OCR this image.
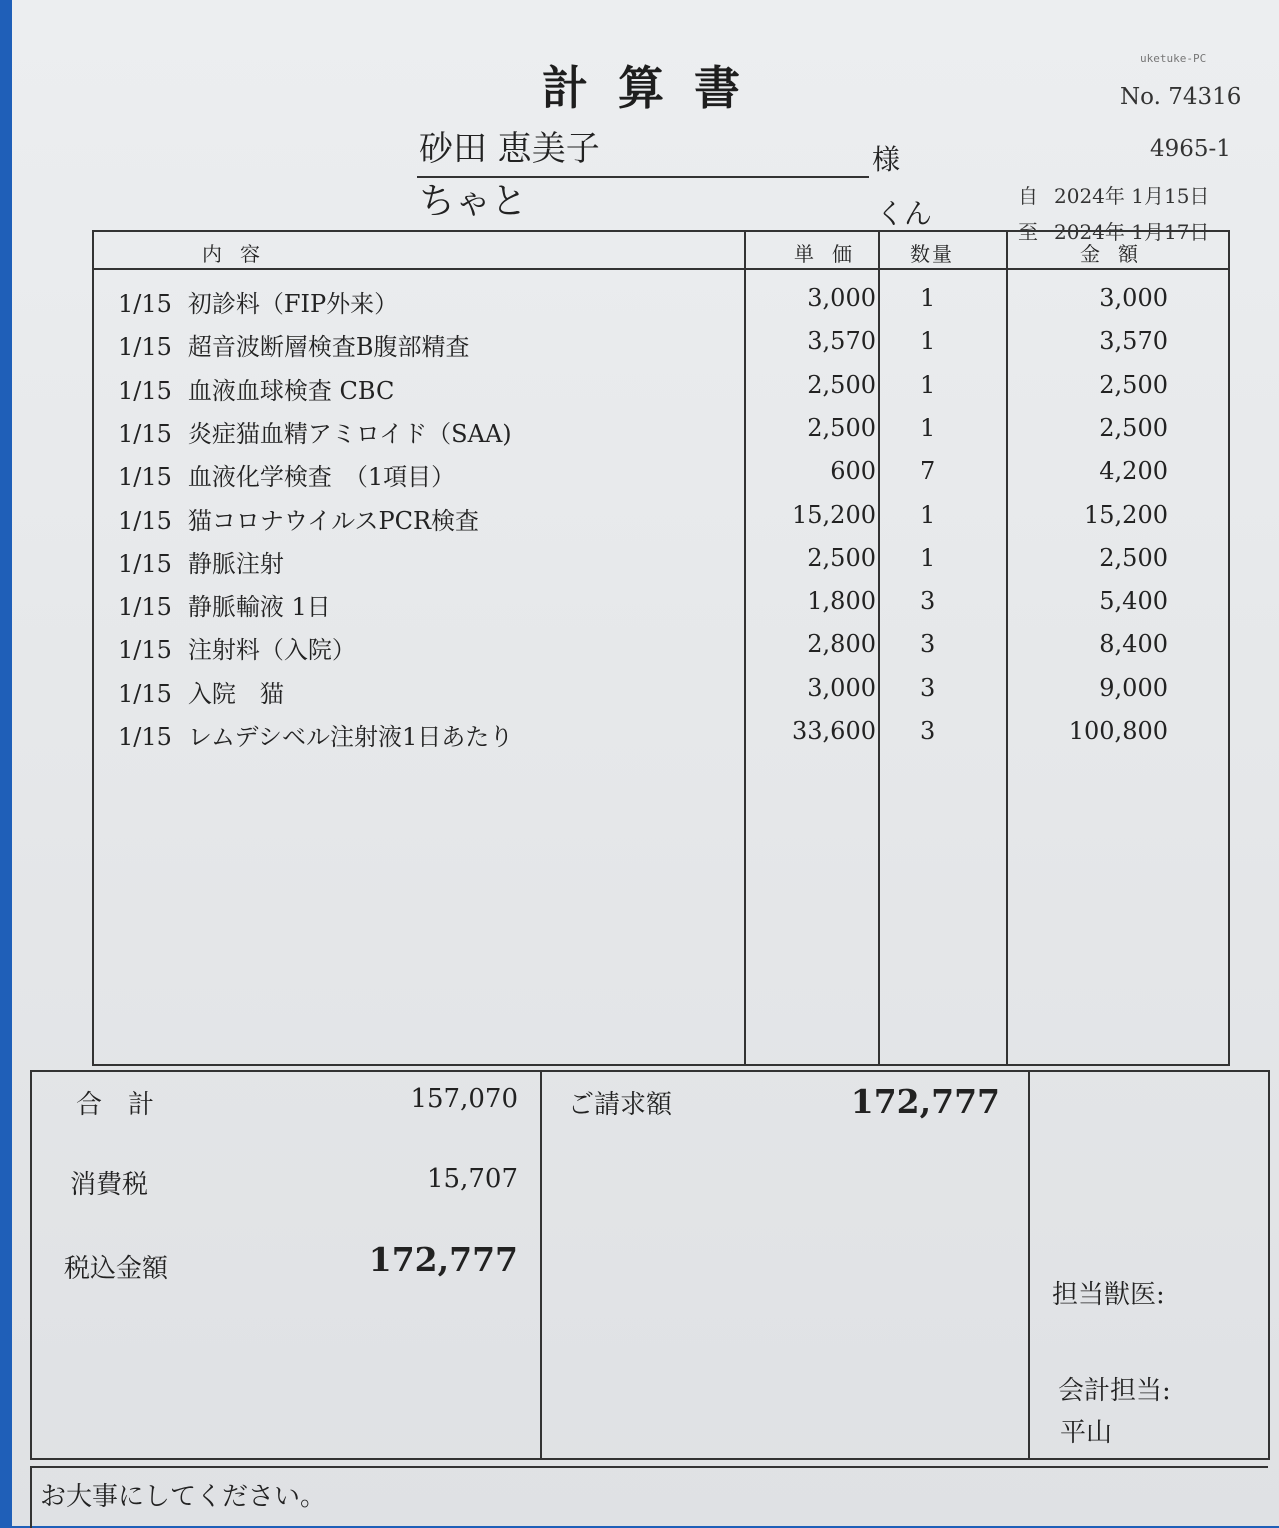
uketuke-PC
計算書	No. 74316
4965-1
砂田 恵美子	様
ちゃと	くん
自 2024年 1月15日
至 2024年 1月17日
内容	単価 数量	金額
1/15 初診料（FIP外来）	3,000 1	3,000
1/15 超音波断層検査B腹部精査	3,570 1	3,570
1/15 血液血球検査 CBC	2,500 1	2,500
1/15 炎症猫血精アミロイド（SAA)	2,500 1	2,500
1/15 血液化学検査　（1項目）	600 7	4,200
1/15 猫コロナウイルスPCR検査	15,200 1	15,200
1/15 静脈注射	2,500 1	2,500
1/15 静脈輸液 1日	1,800 3	5,400
1/15 注射料（入院）	2,800 3	8,400
1/15 入院　猫	3,000 3	9,000
1/15 レムデシベル注射液1日あたり	33,600 3	100,800
合　計	157,070
消費税	15,707
税込金額	172,777
ご請求額	172,777
担当獣医:
会計担当:
平山
お大事にしてください。
